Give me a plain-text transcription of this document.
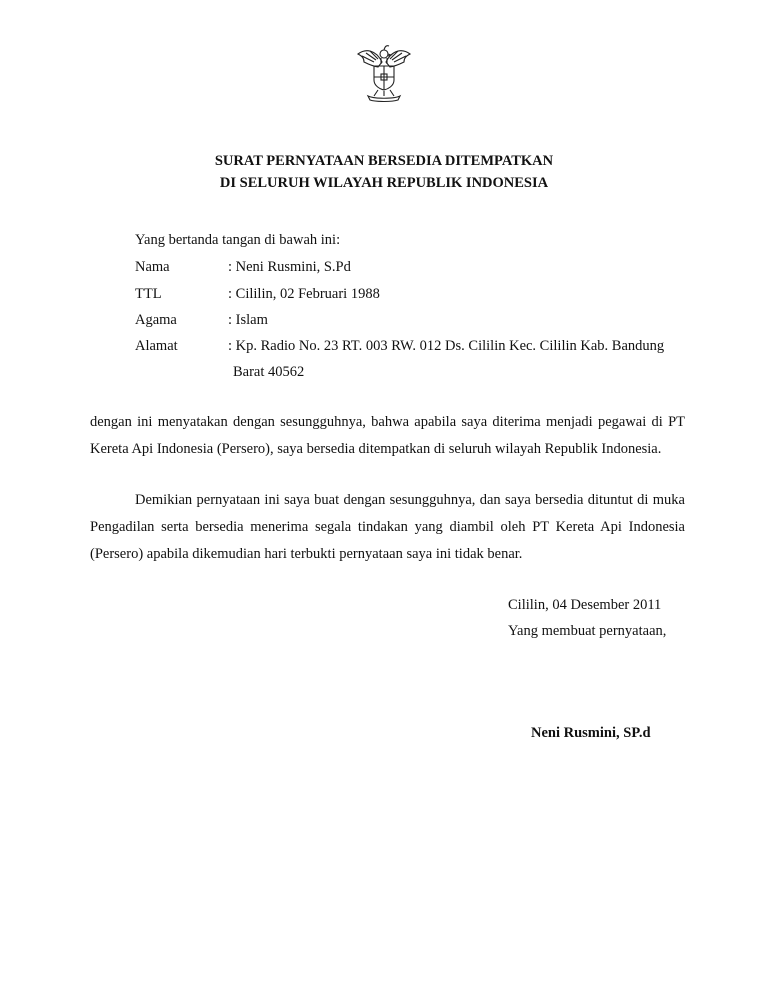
SURAT PERNYATAAN BERSEDIA DITEMPATKAN
DI SELURUH WILAYAH REPUBLIK INDONESIA
Yang bertanda tangan di bawah ini:
Nama	: Neni Rusmini, S.Pd
TTL	: Cililin, 02 Februari 1988
Agama	: Islam
Alamat	: Kp. Radio No. 23 RT. 003 RW. 012 Ds. Cililin Kec. Cililin Kab. Bandung
Barat 40562

dengan ini menyatakan dengan sesungguhnya, bahwa apabila saya diterima menjadi pegawai di PT Kereta Api Indonesia (Persero), saya bersedia ditempatkan di seluruh wilayah Republik Indonesia.

Demikian pernyataan ini saya buat dengan sesungguhnya, dan saya bersedia dituntut di muka Pengadilan serta bersedia menerima segala tindakan yang diambil oleh PT Kereta Api Indonesia (Persero) apabila dikemudian hari terbukti pernyataan saya ini tidak benar.

Cililin, 04 Desember 2011
Yang membuat pernyataan,
Neni Rusmini, SP.d
